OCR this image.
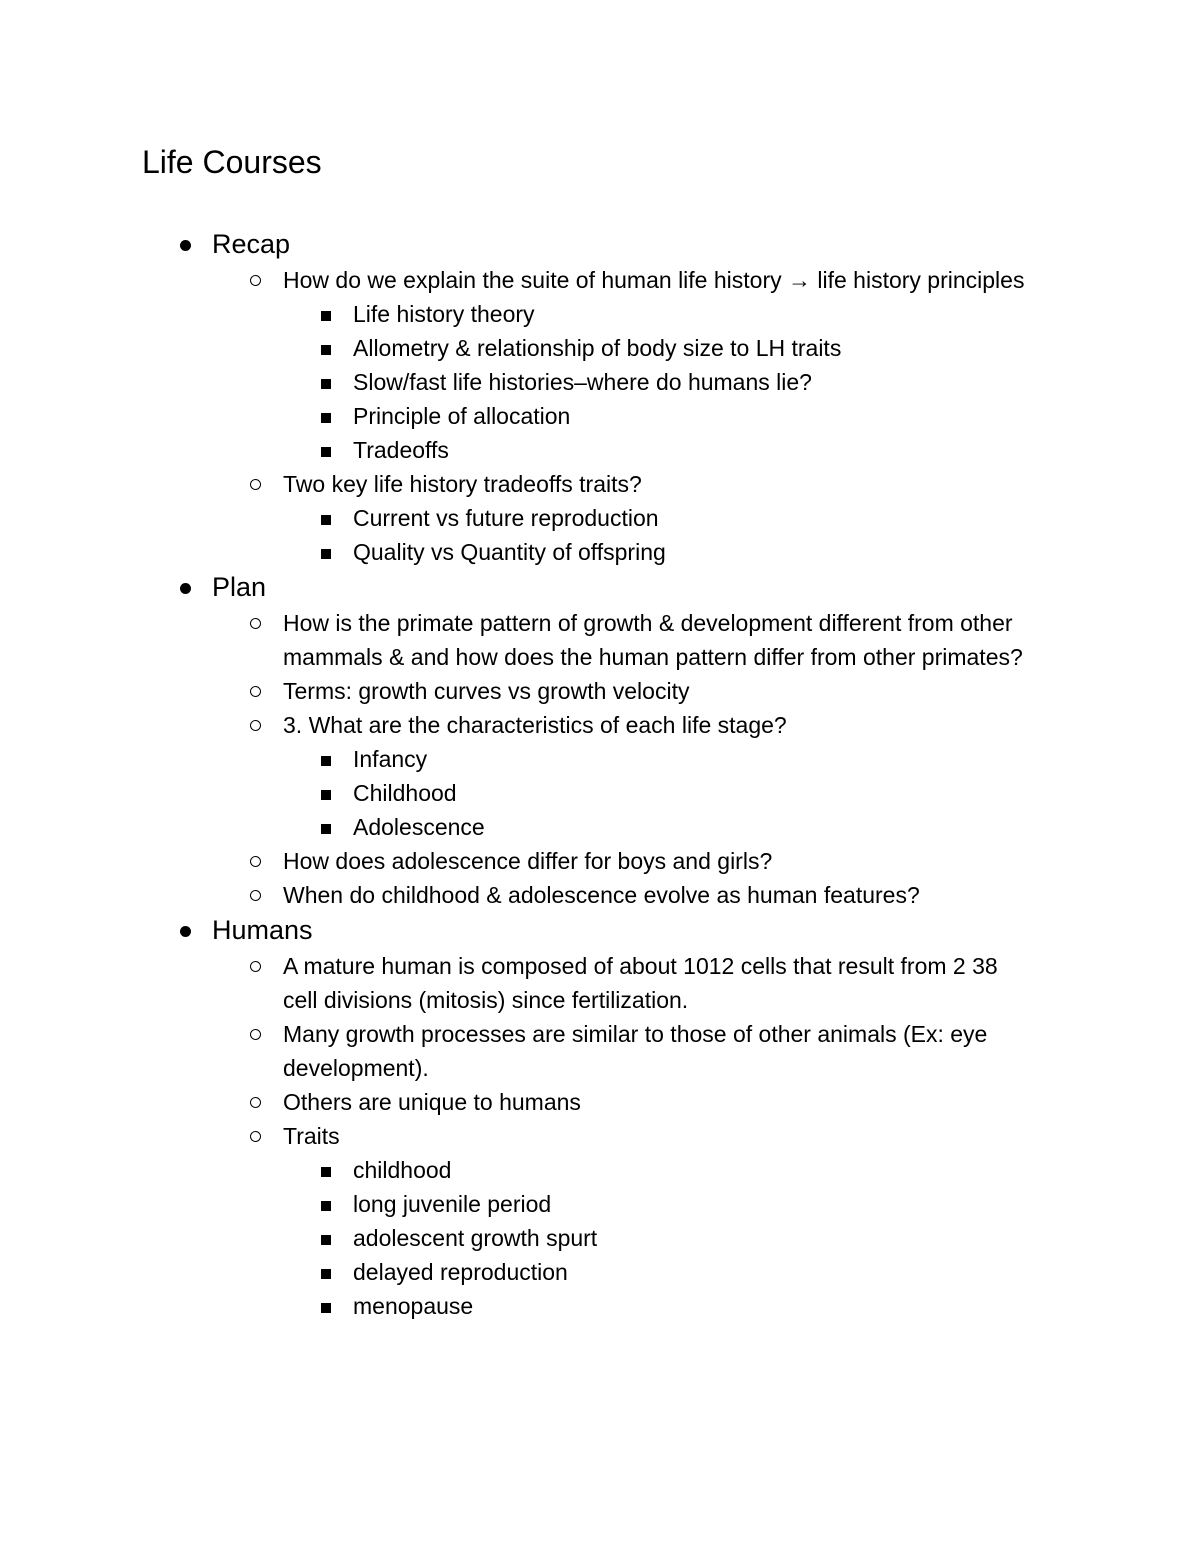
Life Courses
Recap
How do we explain the suite of human life history → life history principles
Life history theory
Allometry & relationship of body size to LH traits
Slow/fast life histories–where do humans lie?
Principle of allocation
Tradeoffs
Two key life history tradeoffs traits?
Current vs future reproduction
Quality vs Quantity of offspring
Plan
How is the primate pattern of growth & development different from other mammals & and how does the human pattern differ from other primates?
Terms: growth curves vs growth velocity
3. What are the characteristics of each life stage?
Infancy
Childhood
Adolescence
How does adolescence differ for boys and girls?
When do childhood & adolescence evolve as human features?
Humans
A mature human is composed of about 1012 cells that result from 2 38 cell divisions (mitosis) since fertilization.
Many growth processes are similar to those of other animals (Ex: eye development).
Others are unique to humans
Traits
childhood
long juvenile period
adolescent growth spurt
delayed reproduction
menopause
